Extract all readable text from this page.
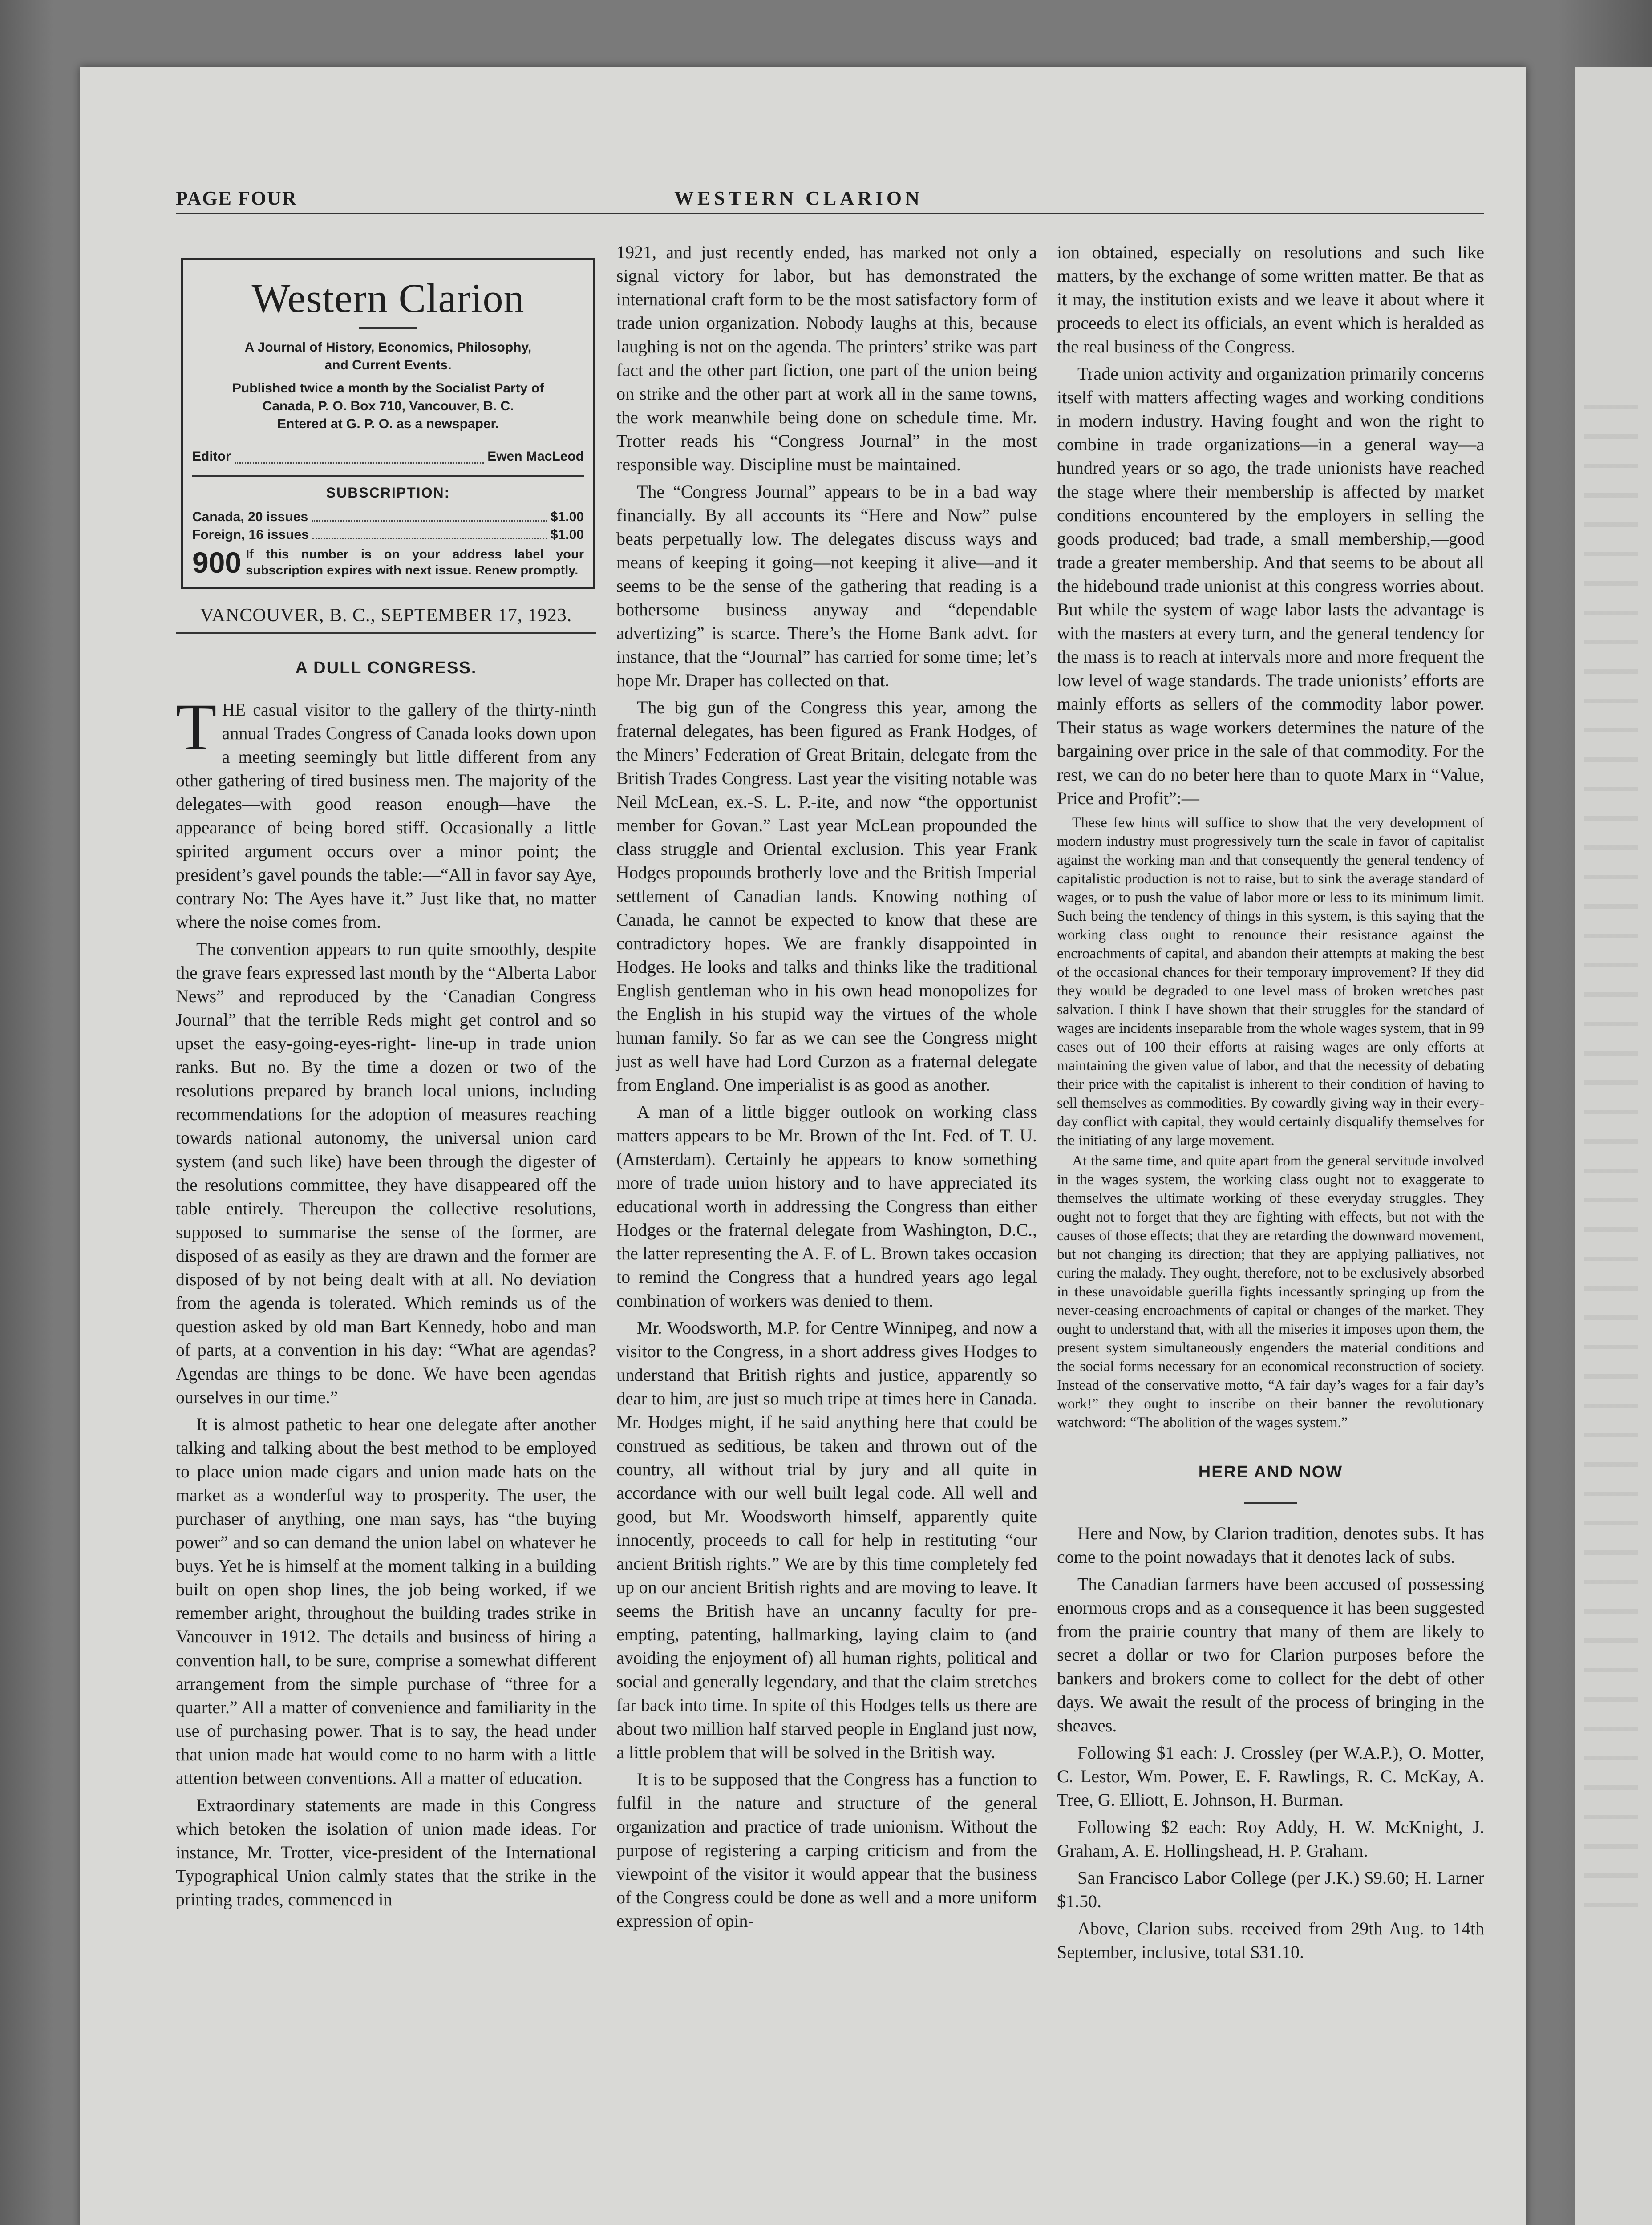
PAGE FOUR	WESTERN CLARION
Western Clarion
A Journal of History, Economics, Philosophy,
and Current Events.
Published twice a month by the Socialist Party of
Canada, P. O. Box 710, Vancouver, B. C.
Entered at G. P. O. as a newspaper.
Editor	Ewen MacLeod
SUBSCRIPTION:
Canada, 20 issues	$1.00
Foreign, 16 issues	$1.00
900 If this number is on your address label your subscription expires with next issue. Renew promptly.
VANCOUVER, B. C., SEPTEMBER 17, 1923.
A DULL CONGRESS.

THE casual visitor to the gallery of the thirty-ninth annual Trades Congress of Canada looks down upon a meeting seemingly but little different from any other gathering of tired business men. The majority of the delegates—with good reason enough—have the appearance of being bored stiff. Occasionally a little spirited argument occurs over a minor point; the president’s gavel pounds the table:—“All in favor say Aye, contrary No: The Ayes have it.” Just like that, no matter where the noise comes from.

The convention appears to run quite smoothly, despite the grave fears expressed last month by the “Alberta Labor News” and reproduced by the ‘Canadian Congress Journal” that the terrible Reds might get control and so upset the easy-going-eyes-right- line-up in trade union ranks. But no. By the time a dozen or two of the resolutions prepared by branch local unions, including recommendations for the adoption of measures reaching towards national autonomy, the universal union card system (and such like) have been through the digester of the resolutions committee, they have disappeared off the table entirely. Thereupon the collective resolutions, supposed to summarise the sense of the former, are disposed of as easily as they are drawn and the former are disposed of by not being dealt with at all. No deviation from the agenda is tolerated. Which reminds us of the question asked by old man Bart Kennedy, hobo and man of parts, at a convention in his day: “What are agendas? Agendas are things to be done. We have been agendas ourselves in our time.”

It is almost pathetic to hear one delegate after another talking and talking about the best method to be employed to place union made cigars and union made hats on the market as a wonderful way to prosperity. The user, the purchaser of anything, one man says, has “the buying power” and so can demand the union label on whatever he buys. Yet he is himself at the moment talking in a building built on open shop lines, the job being worked, if we remember aright, throughout the building trades strike in Vancouver in 1912. The details and business of hiring a convention hall, to be sure, comprise a somewhat different arrangement from the simple purchase of “three for a quarter.” All a matter of convenience and familiarity in the use of purchasing power. That is to say, the head under that union made hat would come to no harm with a little attention between conventions. All a matter of education.

Extraordinary statements are made in this Congress which betoken the isolation of union made ideas. For instance, Mr. Trotter, vice-president of the International Typographical Union calmly states that the strike in the printing trades, commenced in

1921, and just recently ended, has marked not only a signal victory for labor, but has demonstrated the international craft form to be the most satisfactory form of trade union organization. Nobody laughs at this, because laughing is not on the agenda. The printers’ strike was part fact and the other part fiction, one part of the union being on strike and the other part at work all in the same towns, the work meanwhile being done on schedule time. Mr. Trotter reads his “Congress Journal” in the most responsible way. Discipline must be maintained.

The “Congress Journal” appears to be in a bad way financially. By all accounts its “Here and Now” pulse beats perpetually low. The delegates discuss ways and means of keeping it going—not keeping it alive—and it seems to be the sense of the gathering that reading is a bothersome business anyway and “dependable advertizing” is scarce. There’s the Home Bank advt. for instance, that the “Journal” has carried for some time; let’s hope Mr. Draper has collected on that.

The big gun of the Congress this year, among the fraternal delegates, has been figured as Frank Hodges, of the Miners’ Federation of Great Britain, delegate from the British Trades Congress. Last year the visiting notable was Neil McLean, ex.-S. L. P.-ite, and now “the opportunist member for Govan.” Last year McLean propounded the class struggle and Oriental exclusion. This year Frank Hodges propounds brotherly love and the British Imperial settlement of Canadian lands. Knowing nothing of Canada, he cannot be expected to know that these are contradictory hopes. We are frankly disappointed in Hodges. He looks and talks and thinks like the traditional English gentleman who in his own head monopolizes for the English in his stupid way the virtues of the whole human family. So far as we can see the Congress might just as well have had Lord Curzon as a fraternal delegate from England. One imperialist is as good as another.

A man of a little bigger outlook on working class matters appears to be Mr. Brown of the Int. Fed. of T. U. (Amsterdam). Certainly he appears to know something more of trade union history and to have appreciated its educational worth in addressing the Congress than either Hodges or the fraternal delegate from Washington, D.C., the latter representing the A. F. of L. Brown takes occasion to remind the Congress that a hundred years ago legal combination of workers was denied to them.

Mr. Woodsworth, M.P. for Centre Winnipeg, and now a visitor to the Congress, in a short address gives Hodges to understand that British rights and justice, apparently so dear to him, are just so much tripe at times here in Canada. Mr. Hodges might, if he said anything here that could be construed as seditious, be taken and thrown out of the country, all without trial by jury and all quite in accordance with our well built legal code. All well and good, but Mr. Woodsworth himself, apparently quite innocently, proceeds to call for help in restituting “our ancient British rights.” We are by this time completely fed up on our ancient British rights and are moving to leave. It seems the British have an uncanny faculty for pre-empting, patenting, hallmarking, laying claim to (and avoiding the enjoyment of) all human rights, political and social and generally legendary, and that the claim stretches far back into time. In spite of this Hodges tells us there are about two million half starved people in England just now, a little problem that will be solved in the British way.

It is to be supposed that the Congress has a function to fulfil in the nature and structure of the general organization and practice of trade unionism. Without the purpose of registering a carping criticism and from the viewpoint of the visitor it would appear that the business of the Congress could be done as well and a more uniform expression of opin-

ion obtained, especially on resolutions and such like matters, by the exchange of some written matter. Be that as it may, the institution exists and we leave it about where it proceeds to elect its officials, an event which is heralded as the real business of the Congress.

Trade union activity and organization primarily concerns itself with matters affecting wages and working conditions in modern industry. Having fought and won the right to combine in trade organizations—in a general way—a hundred years or so ago, the trade unionists have reached the stage where their membership is affected by market conditions encountered by the employers in selling the goods produced; bad trade, a small membership,—good trade a greater membership. And that seems to be about all the hidebound trade unionist at this congress worries about. But while the system of wage labor lasts the advantage is with the masters at every turn, and the general tendency for the mass is to reach at intervals more and more frequent the low level of wage standards. The trade unionists’ efforts are mainly efforts as sellers of the commodity labor power. Their status as wage workers determines the nature of the bargaining over price in the sale of that commodity. For the rest, we can do no beter here than to quote Marx in “Value, Price and Profit”:—

These few hints will suffice to show that the very development of modern industry must progressively turn the scale in favor of capitalist against the working man and that consequently the general tendency of capitalistic production is not to raise, but to sink the average standard of wages, or to push the value of labor more or less to its minimum limit. Such being the tendency of things in this system, is this saying that the working class ought to renounce their resistance against the encroachments of capital, and abandon their attempts at making the best of the occasional chances for their temporary improvement? If they did they would be degraded to one level mass of broken wretches past salvation. I think I have shown that their struggles for the standard of wages are incidents inseparable from the whole wages system, that in 99 cases out of 100 their efforts at raising wages are only efforts at maintaining the given value of labor, and that the necessity of debating their price with the capitalist is inherent to their condition of having to sell themselves as commodities. By cowardly giving way in their every-day conflict with capital, they would certainly disqualify themselves for the initiating of any large movement.

At the same time, and quite apart from the general servitude involved in the wages system, the working class ought not to exaggerate to themselves the ultimate working of these everyday struggles. They ought not to forget that they are fighting with effects, but not with the causes of those effects; that they are retarding the downward movement, but not changing its direction; that they are applying palliatives, not curing the malady. They ought, therefore, not to be exclusively absorbed in these unavoidable guerilla fights incessantly springing up from the never-ceasing encroachments of capital or changes of the market. They ought to understand that, with all the miseries it imposes upon them, the present system simultaneously engenders the material conditions and the social forms necessary for an economical reconstruction of society. Instead of the conservative motto, “A fair day’s wages for a fair day’s work!” they ought to inscribe on their banner the revolutionary watchword: “The abolition of the wages system.”

HERE AND NOW

Here and Now, by Clarion tradition, denotes subs. It has come to the point nowadays that it denotes lack of subs.

The Canadian farmers have been accused of possessing enormous crops and as a consequence it has been suggested from the prairie country that many of them are likely to secret a dollar or two for Clarion purposes before the bankers and brokers come to collect for the debt of other days. We await the result of the process of bringing in the sheaves.

Following $1 each: J. Crossley (per W.A.P.), O. Motter, C. Lestor, Wm. Power, E. F. Rawlings, R. C. McKay, A. Tree, G. Elliott, E. Johnson, H. Burman.

Following $2 each: Roy Addy, H. W. McKnight, J. Graham, A. E. Hollingshead, H. P. Graham.

San Francisco Labor College (per J.K.) $9.60; H. Larner $1.50.

Above, Clarion subs. received from 29th Aug. to 14th September, inclusive, total $31.10.
